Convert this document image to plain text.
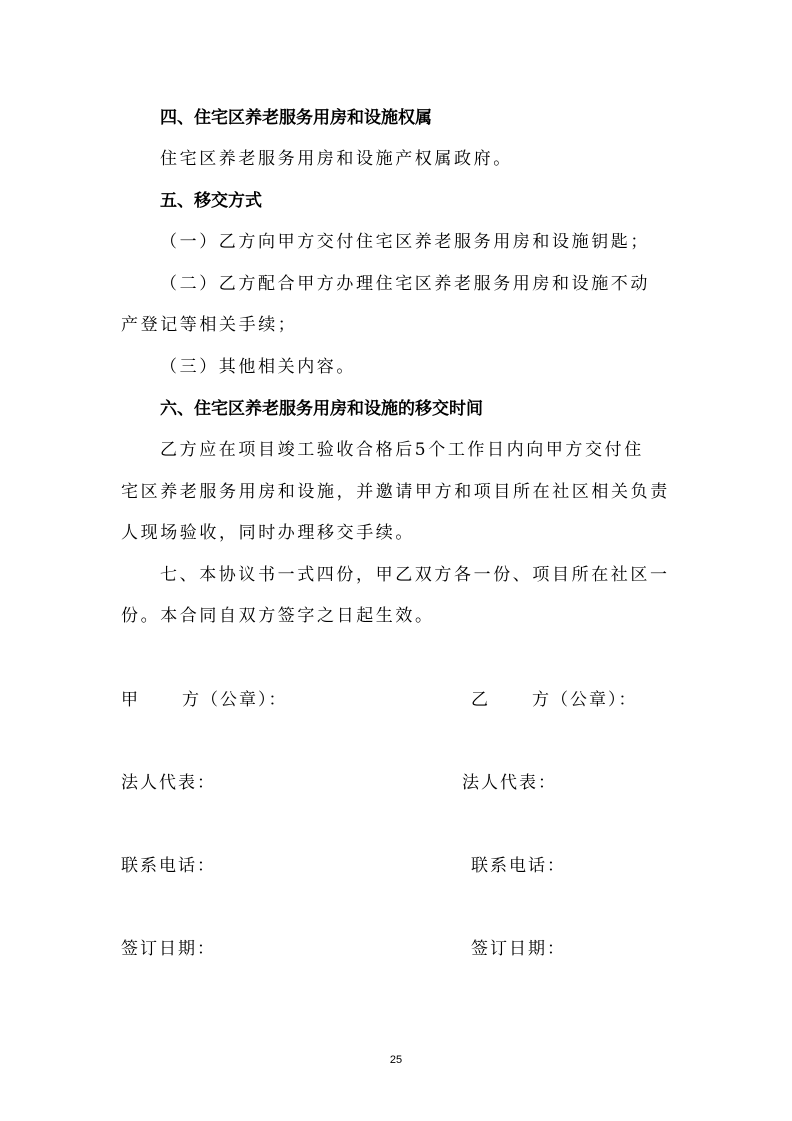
四、住宅区养老服务用房和设施权属
住宅区养老服务用房和设施产权属政府。
五、移交方式
（一）乙方向甲方交付住宅区养老服务用房和设施钥匙；
（二）乙方配合甲方办理住宅区养老服务用房和设施不动
产登记等相关手续；
（三）其他相关内容。
六、住宅区养老服务用房和设施的移交时间
乙方应在项目竣工验收合格后5个工作日内向甲方交付住
宅区养老服务用房和设施，并邀请甲方和项目所在社区相关负责
人现场验收，同时办理移交手续。
七、本协议书一式四份，甲乙双方各一份、项目所在社区一
份。本合同自双方签字之日起生效。
甲 方（公章）：
法人代表：
联系电话：
签订日期：
乙 方（公章）：
法人代表：
联系电话：
签订日期：
25
